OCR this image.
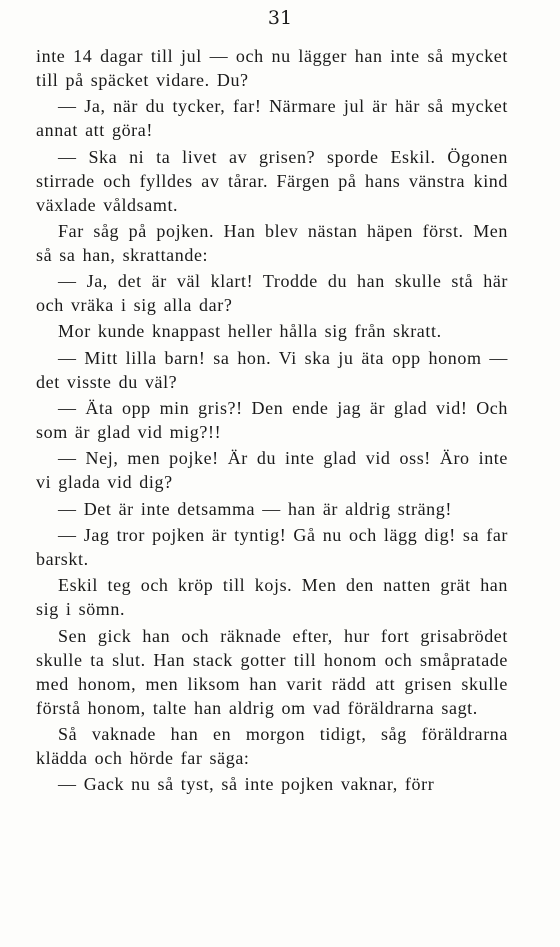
31

inte 14 dagar till jul — och nu lägger han inte så mycket till på späcket vidare. Du?

— Ja, när du tycker, far! Närmare jul är här så mycket annat att göra!

— Ska ni ta livet av grisen? sporde Eskil. Ögonen stirrade och fylldes av tårar. Färgen på hans vänstra kind växlade våldsamt.

Far såg på pojken. Han blev nästan häpen först. Men så sa han, skrattande:

— Ja, det är väl klart! Trodde du han skulle stå här och vräka i sig alla dar?

Mor kunde knappast heller hålla sig från skratt.

— Mitt lilla barn! sa hon. Vi ska ju äta opp honom — det visste du väl?

— Äta opp min gris?! Den ende jag är glad vid! Och som är glad vid mig?!!

— Nej, men pojke! Är du inte glad vid oss! Äro inte vi glada vid dig?

— Det är inte detsamma — han är aldrig sträng!

— Jag tror pojken är tyntig! Gå nu och lägg dig! sa far barskt.

Eskil teg och kröp till kojs. Men den natten grät han sig i sömn.

Sen gick han och räknade efter, hur fort grisabrödet skulle ta slut. Han stack gotter till honom och småpratade med honom, men liksom han varit rädd att grisen skulle förstå honom, talte han aldrig om vad föräldrarna sagt.

Så vaknade han en morgon tidigt, såg föräldrarna klädda och hörde far säga:

— Gack nu så tyst, så inte pojken vaknar, förr
